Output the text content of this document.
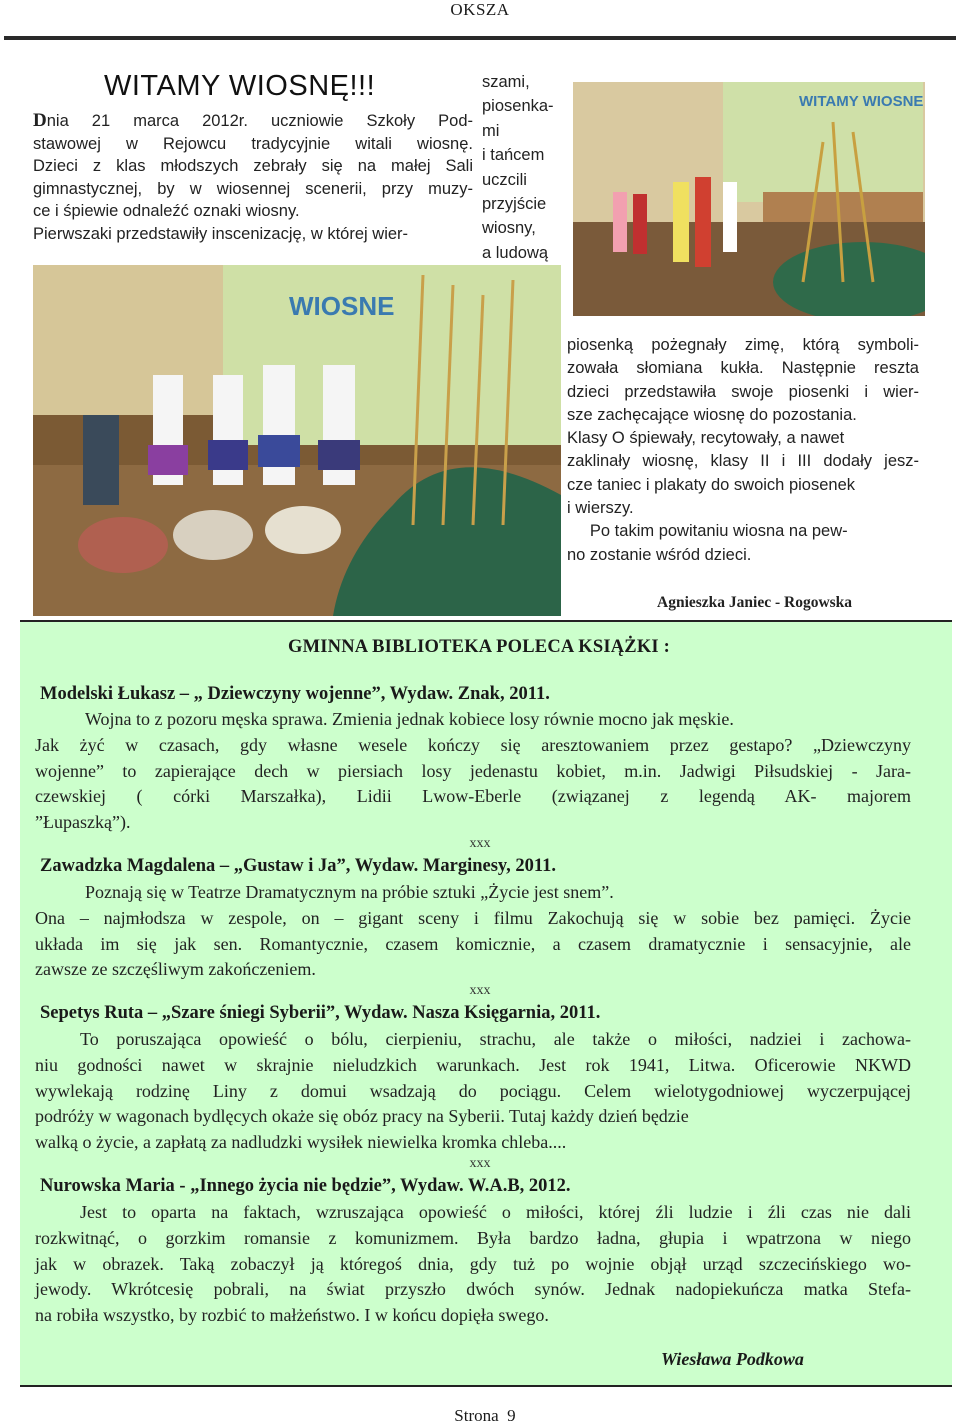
OKSZA
WITAMY WIOSNĘ!!!
Dnia 21 marca 2012r. uczniowie Szkoły Pod-
stawowej w Rejowcu tradycyjnie witali wiosnę.
Dzieci z klas młodszych zebrały się na małej Sali
gimnastycznej, by w wiosennej scenerii, przy muzy-
ce i śpiewie odnaleźć oznaki wiosny.
Pierwszaki przedstawiły inscenizację, w której wier-
szami,
piosenka-
mi
i tańcem
uczcili
przyjście
wiosny,
a ludową
WITAMY WIOSNE
WIOSNE
piosenką pożegnały zimę, którą symboli-
zowała słomiana kukła. Następnie reszta
dzieci przedstawiła swoje piosenki i wier-
sze zachęcające wiosnę do pozostania.
Klasy O śpiewały, recytowały, a nawet
zaklinały wiosnę, klasy II i III dodały jesz-
cze taniec i plakaty do swoich piosenek
i wierszy.
Po takim powitaniu wiosna na pew-
no zostanie wśród dzieci.
Agnieszka Janiec - Rogowska
GMINNA BIBLIOTEKA POLECA KSIĄŻKI :
Modelski Łukasz – „ Dziewczyny wojenne”, Wydaw. Znak, 2011.
Wojna to z pozoru męska sprawa. Zmienia jednak kobiece losy równie mocno jak męskie.
Jak żyć w czasach, gdy własne wesele kończy się aresztowaniem przez gestapo? „Dziewczyny
wojenne” to zapierające dech w piersiach losy jedenastu kobiet, m.in. Jadwigi Piłsudskiej - Jara-
czewskiej ( córki Marszałka), Lidii Lwow-Eberle (związanej z legendą AK- majorem
”Łupaszką”).
xxx
Zawadzka Magdalena – „Gustaw i Ja”, Wydaw. Marginesy, 2011.
Poznają się w Teatrze Dramatycznym na próbie sztuki „Życie jest snem”.
Ona – najmłodsza w zespole, on – gigant sceny i filmu Zakochują się w sobie bez pamięci. Życie
układa im się jak sen. Romantycznie, czasem komicznie, a czasem dramatycznie i sensacyjnie, ale
zawsze ze szczęśliwym zakończeniem.
xxx
Sepetys Ruta – „Szare śniegi Syberii”, Wydaw. Nasza Księgarnia, 2011.
To poruszająca opowieść o bólu, cierpieniu, strachu, ale także o miłości, nadziei i zachowa-
niu godności nawet w skrajnie nieludzkich warunkach. Jest rok 1941, Litwa. Oficerowie NKWD
wywlekają rodzinę Liny z domui wsadzają do pociągu. Celem wielotygodniowej wyczerpującej
podróży w wagonach bydlęcych okaże się obóz pracy na Syberii. Tutaj każdy dzień będzie
walką o życie, a zapłatą za nadludzki wysiłek niewielka kromka chleba....
xxx
Nurowska Maria - „Innego życia nie będzie”, Wydaw. W.A.B, 2012.
Jest to oparta na faktach, wzruszająca opowieść o miłości, której źli ludzie i źli czas nie dali
rozkwitnąć, o gorzkim romansie z komunizmem. Była bardzo ładna, głupia i wpatrzona w niego
jak w obrazek. Taką zobaczył ją któregoś dnia, gdy tuż po wojnie objął urząd szczecińskiego wo-
jewody. Wkrótcesię pobrali, na świat przyszło dwóch synów. Jednak nadopiekuńcza matka Stefa-
na robiła wszystko, by rozbić to małżeństwo. I w końcu dopięła swego.
Wiesława Podkowa
Strona  9
